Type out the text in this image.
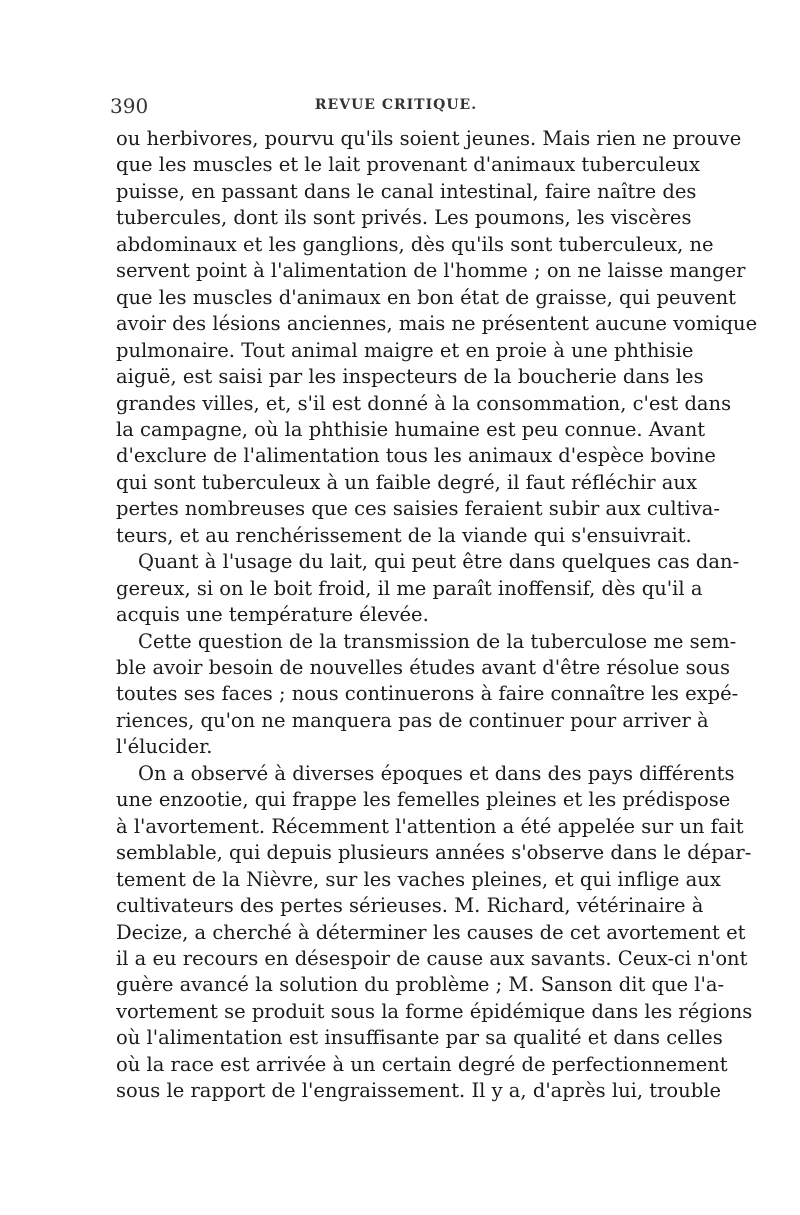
390	REVUE CRITIQUE.
ou herbivores, pourvu qu'ils soient jeunes. Mais rien ne prouve
que les muscles et le lait provenant d'animaux tuberculeux
puisse, en passant dans le canal intestinal, faire naître des
tubercules, dont ils sont privés. Les poumons, les viscères
abdominaux et les ganglions, dès qu'ils sont tuberculeux, ne
servent point à l'alimentation de l'homme ; on ne laisse manger
que les muscles d'animaux en bon état de graisse, qui peuvent
avoir des lésions anciennes, mais ne présentent aucune vomique
pulmonaire. Tout animal maigre et en proie à une phthisie
aiguë, est saisi par les inspecteurs de la boucherie dans les
grandes villes, et, s'il est donné à la consommation, c'est dans
la campagne, où la phthisie humaine est peu connue. Avant
d'exclure de l'alimentation tous les animaux d'espèce bovine
qui sont tuberculeux à un faible degré, il faut réfléchir aux
pertes nombreuses que ces saisies feraient subir aux cultiva-
teurs, et au renchérissement de la viande qui s'ensuivrait.
Quant à l'usage du lait, qui peut être dans quelques cas dan-
gereux, si on le boit froid, il me paraît inoffensif, dès qu'il a
acquis une température élevée.
Cette question de la transmission de la tuberculose me sem-
ble avoir besoin de nouvelles études avant d'être résolue sous
toutes ses faces ; nous continuerons à faire connaître les expé-
riences, qu'on ne manquera pas de continuer pour arriver à
l'élucider.
On a observé à diverses époques et dans des pays différents
une enzootie, qui frappe les femelles pleines et les prédispose
à l'avortement. Récemment l'attention a été appelée sur un fait
semblable, qui depuis plusieurs années s'observe dans le dépar-
tement de la Nièvre, sur les vaches pleines, et qui inflige aux
cultivateurs des pertes sérieuses. M. Richard, vétérinaire à
Decize, a cherché à déterminer les causes de cet avortement et
il a eu recours en désespoir de cause aux savants. Ceux-ci n'ont
guère avancé la solution du problème ; M. Sanson dit que l'a-
vortement se produit sous la forme épidémique dans les régions
où l'alimentation est insuffisante par sa qualité et dans celles
où la race est arrivée à un certain degré de perfectionnement
sous le rapport de l'engraissement. Il y a, d'après lui, trouble
